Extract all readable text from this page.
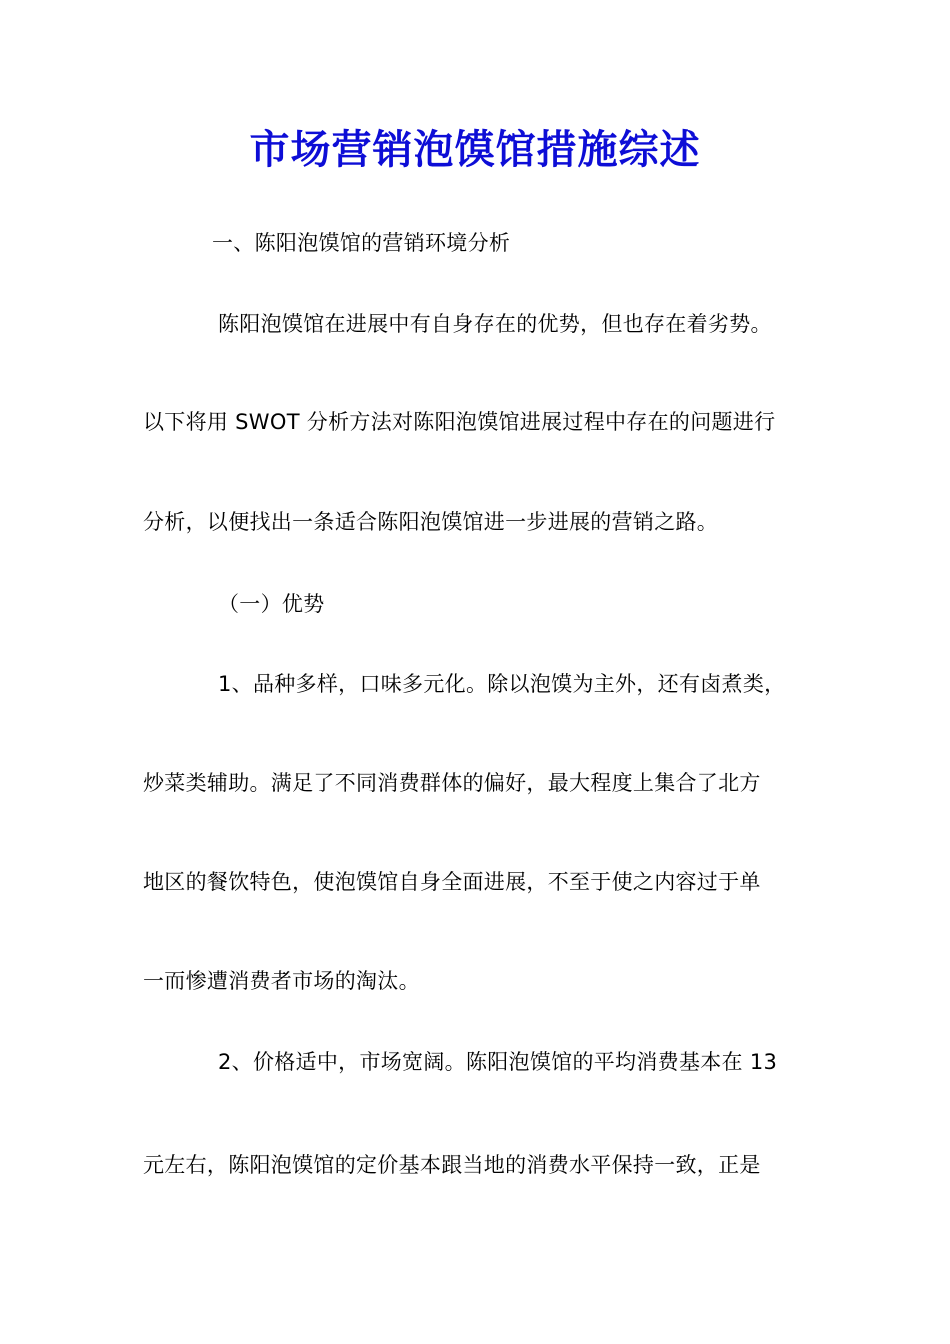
市场营销泡馍馆措施综述
一、陈阳泡馍馆的营销环境分析
陈阳泡馍馆在进展中有自身存在的优势，但也存在着劣势。
以下将用 SWOT 分析方法对陈阳泡馍馆进展过程中存在的问题进行
分析，以便找出一条适合陈阳泡馍馆进一步进展的营销之路。
（一）优势
1、品种多样，口味多元化。除以泡馍为主外，还有卤煮类，
炒菜类辅助。满足了不同消费群体的偏好，最大程度上集合了北方
地区的餐饮特色，使泡馍馆自身全面进展，不至于使之内容过于单
一而惨遭消费者市场的淘汰。
2、价格适中，市场宽阔。陈阳泡馍馆的平均消费基本在 13
元左右，陈阳泡馍馆的定价基本跟当地的消费水平保持一致，正是
